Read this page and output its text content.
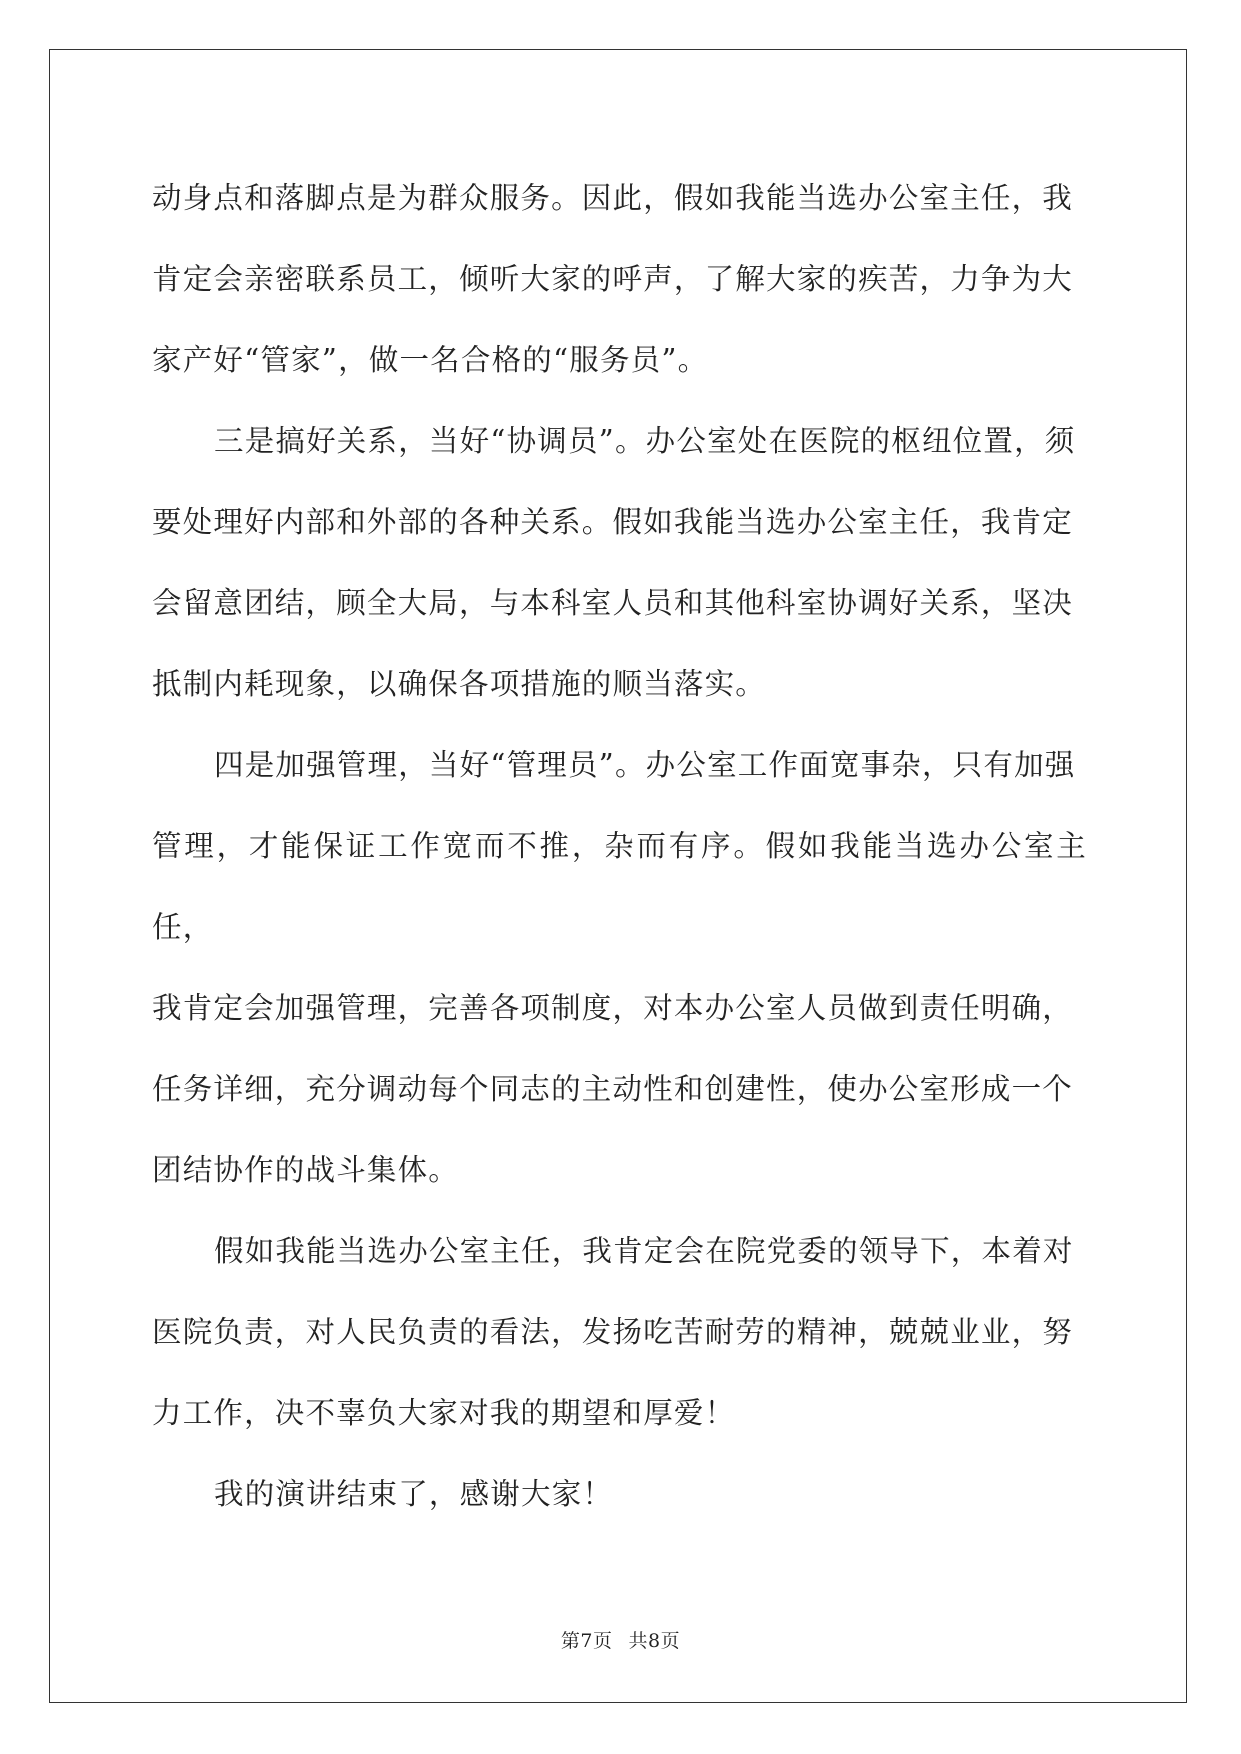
动身点和落脚点是为群众服务。因此，假如我能当选办公室主任，我
肯定会亲密联系员工，倾听大家的呼声，了解大家的疾苦，力争为大
家产好“管家”，做一名合格的“服务员”。

三是搞好关系，当好“协调员”。办公室处在医院的枢纽位置，须
要处理好内部和外部的各种关系。假如我能当选办公室主任，我肯定
会留意团结，顾全大局，与本科室人员和其他科室协调好关系，坚决
抵制内耗现象，以确保各项措施的顺当落实。

四是加强管理，当好“管理员”。办公室工作面宽事杂，只有加强
管理，才能保证工作宽而不推，杂而有序。假如我能当选办公室主任，
我肯定会加强管理，完善各项制度，对本办公室人员做到责任明确，
任务详细，充分调动每个同志的主动性和创建性，使办公室形成一个
团结协作的战斗集体。

假如我能当选办公室主任，我肯定会在院党委的领导下，本着对
医院负责，对人民负责的看法，发扬吃苦耐劳的精神，兢兢业业，努
力工作，决不辜负大家对我的期望和厚爱！

我的演讲结束了，感谢大家！

第7页 共8页
